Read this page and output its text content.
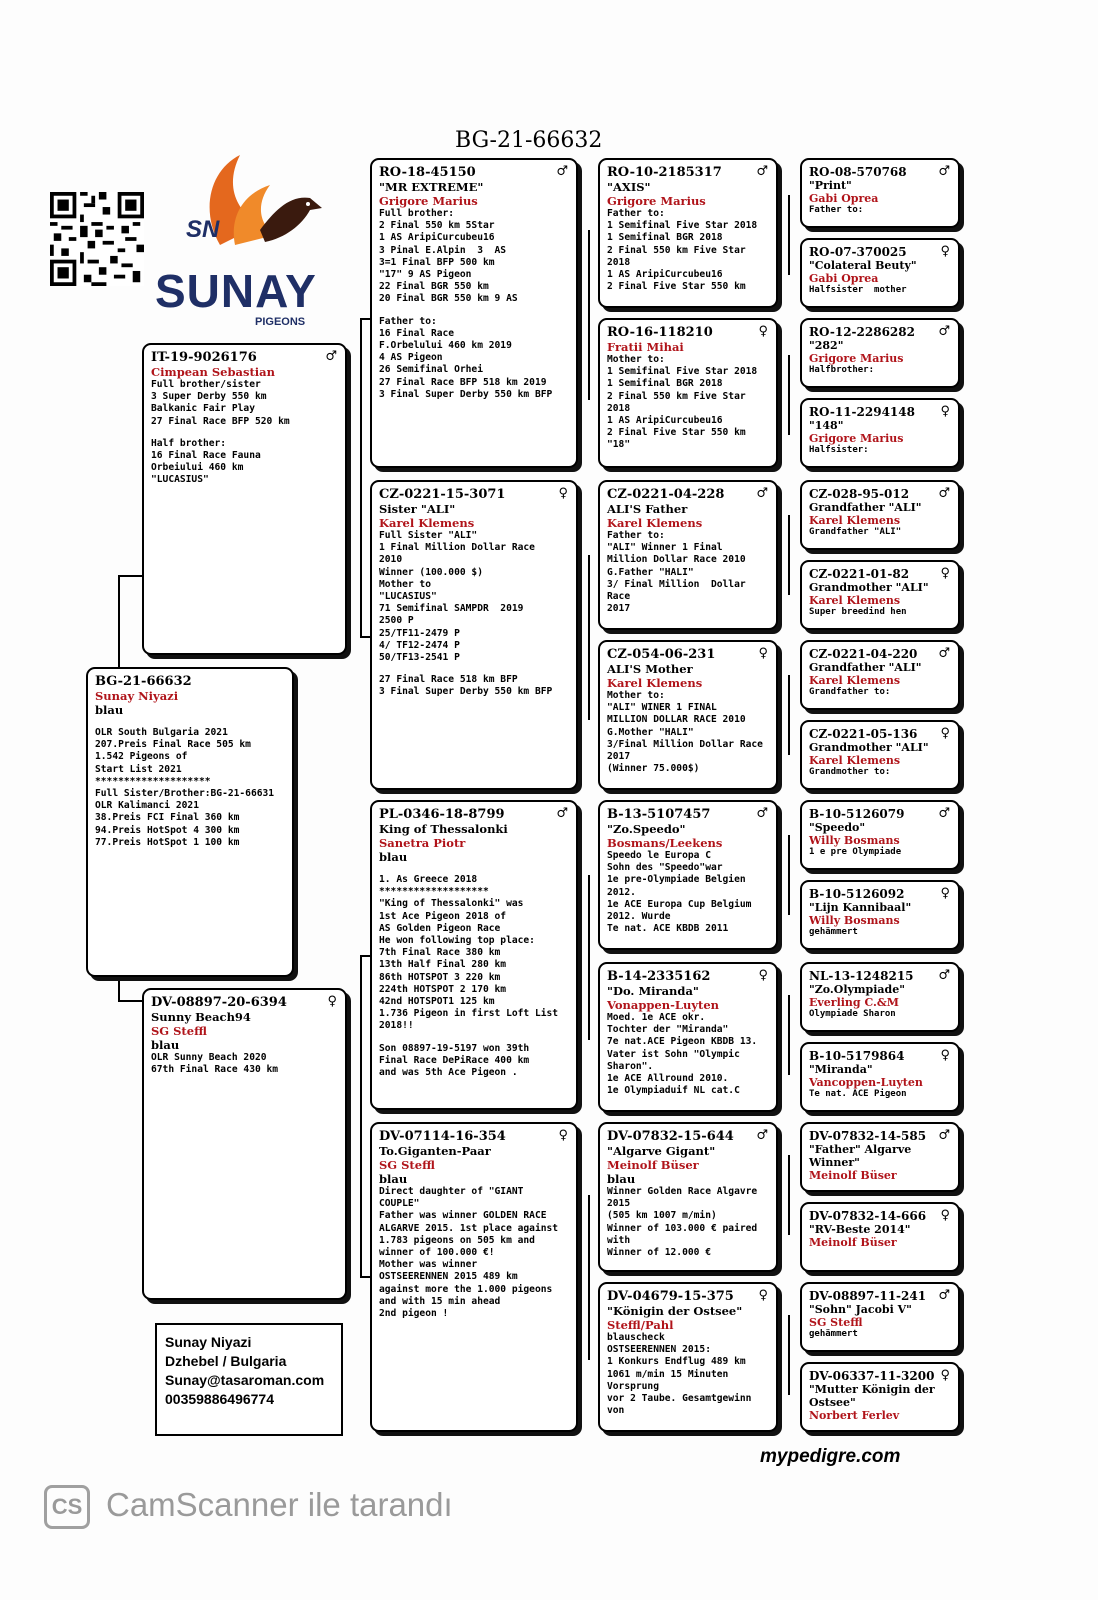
BG-21-66632
SN
SUNAY
PIGEONS
BG-21-66632
Sunay Niyazi
blau
OLR South Bulgaria 2021
207.Preis Final Race 505 km
1.542 Pigeons of
Start List 2021
********************
Full Sister/Brother:BG-21-66631
OLR Kalimanci 2021
38.Preis FCI Final 360 km
94.Preis HotSpot 4 300 km
77.Preis HotSpot 1 100 km
IT-19-9026176	♂
Cimpean Sebastian
Full brother/sister
3 Super Derby 550 km
Balkanic Fair Play
27 Final Race BFP 520 km
Half brother:
16 Final Race Fauna
Orbeiului 460 km
"LUCASIUS"
DV-08897-20-6394	♀
Sunny Beach94
SG Steffl
blau
OLR Sunny Beach 2020
67th Final Race 430 km
RO-18-45150	♂
"MR EXTREME"
Grigore Marius
Full brother:
2 Final 550 km 5Star
1 AS AripiCurcubeu16
3 Pinal E.Alpin  3  AS
3=1 Final BFP 500 km
"17" 9 AS Pigeon
22 Final BGR 550 km
20 Final BGR 550 km 9 AS
Father to:
16 Final Race
F.Orbelului 460 km 2019
4 AS Pigeon
26 Semifinal Orhei
27 Final Race BFP 518 km 2019
3 Final Super Derby 550 km BFP
CZ-0221-15-3071	♀
Sister "ALI"
Karel Klemens
Full Sister "ALI"
1 Final Million Dollar Race
2010
Winner (100.000 $)
Mother to
"LUCASIUS"
71 Semifinal SAMPDR  2019
2500 P
25/TF11-2479 P
4/ TF12-2474 P
50/TF13-2541 P
27 Final Race 518 km BFP
3 Final Super Derby 550 km BFP
PL-0346-18-8799	♂
King of Thessalonki
Sanetra Piotr
blau
1. As Greece 2018
*******************
"King of Thessalonki" was
1st Ace Pigeon 2018 of
AS Golden Pigeon Race
He won following top place:
7th Final Race 380 km
13th Half Final 280 km
86th HOTSPOT 3 220 km
224th HOTSPOT 2 170 km
42nd HOTSPOT1 125 km
1.736 Pigeon in first Loft List
2018!!
Son 08897-19-5197 won 39th
Final Race DePiRace 400 km
and was 5th Ace Pigeon .
DV-07114-16-354	♀
To.Giganten-Paar
SG Steffl
blau
Direct daughter of "GIANT
COUPLE"
Father was winner GOLDEN RACE
ALGARVE 2015. 1st place against
1.783 pigeons on 505 km and
winner of 100.000 €!
Mother was winner
OSTSEERENNEN 2015 489 km
against more the 1.000 pigeons
and with 15 min ahead
2nd pigeon !
RO-10-2185317	♂
"AXIS"
Grigore Marius
Father to:
1 Semifinal Five Star 2018
1 Semifinal BGR 2018
2 Final 550 km Five Star
2018
1 AS AripiCurcubeu16
2 Final Five Star 550 km
RO-16-118210	♀
Fratii Mihai
Mother to:
1 Semifinal Five Star 2018
1 Semifinal BGR 2018
2 Final 550 km Five Star
2018
1 AS AripiCurcubeu16
2 Final Five Star 550 km
"18"
CZ-0221-04-228	♂
ALI'S Father
Karel Klemens
Father to:
"ALI" Winner 1 Final
Million Dollar Race 2010
G.Father "HALI"
3/ Final Million  Dollar
Race
2017
CZ-054-06-231	♀
ALI'S Mother
Karel Klemens
Mother to:
"ALI" WINER 1 FINAL
MILLION DOLLAR RACE 2010
G.Mother "HALI"
3/Final Million Dollar Race
2017
(Winner 75.000$)
B-13-5107457	♂
"Zo.Speedo"
Bosmans/Leekens
Speedo le Europa C
Sohn des "Speedo"war
1e pre-Olympiade Belgien
2012.
1e ACE Europa Cup Belgium
2012. Wurde
Te nat. ACE KBDB 2011
B-14-2335162	♀
"Do. Miranda"
Vonappen-Luyten
Moed. 1e ACE okr.
Tochter der "Miranda"
7e nat.ACE Pigeon KBDB 13.
Vater ist Sohn "Olympic
Sharon".
1e ACE Allround 2010.
1e Olympiaduif NL cat.C
DV-07832-15-644	♂
"Algarve Gigant"
Meinolf Büser
blau
Winner Golden Race Algavre
2015
(505 km 1007 m/min)
Winner of 103.000 € paired
with
Winner of 12.000 €
DV-04679-15-375	♀
"Königin der Ostsee"
Steffl/Pahl
blauscheck
OSTSEERENNEN 2015:
1 Konkurs Endflug 489 km
1061 m/min 15 Minuten
Vorsprung
vor 2 Taube. Gesamtgewinn
von
RO-08-570768	♂
"Print"
Gabi Oprea
Father to:
RO-07-370025	♀
"Colateral Beuty"
Gabi Oprea
Halfsister  mother
RO-12-2286282	♂
"282"
Grigore Marius
Halfbrother:
RO-11-2294148	♀
"148"
Grigore Marius
Halfsister:
CZ-028-95-012	♂
Grandfather "ALI"
Karel Klemens
Grandfather "ALI"
CZ-0221-01-82	♀
Grandmother "ALI"
Karel Klemens
Super breedind hen
CZ-0221-04-220	♂
Grandfather "ALI"
Karel Klemens
Grandfather to:
CZ-0221-05-136	♀
Grandmother "ALI"
Karel Klemens
Grandmother to:
B-10-5126079	♂
"Speedo"
Willy Bosmans
1 e pre Olympiade
B-10-5126092	♀
"Lijn Kannibaal"
Willy Bosmans
gehämmert
NL-13-1248215	♂
"Zo.Olympiade"
Everling C.&M
Olympiade Sharon
B-10-5179864	♀
"Miranda"
Vancoppen-Luyten
Te nat. ACE Pigeon
DV-07832-14-585 ♂
"Father" Algarve
Winner"
Meinolf Büser
DV-07832-14-666	♀
"RV-Beste 2014"
Meinolf Büser
DV-08897-11-241 ♂
"Sohn" Jacobi V"
SG Steffl
gehämmert
DV-06337-11-3200 ♀
"Mutter Königin der
Ostsee"
Norbert Ferlev
Sunay Niyazi
Dzhebel / Bulgaria
Sunay@tasaroman.com
00359886496774
mypedigre.com
CS CamScanner ile tarandı
